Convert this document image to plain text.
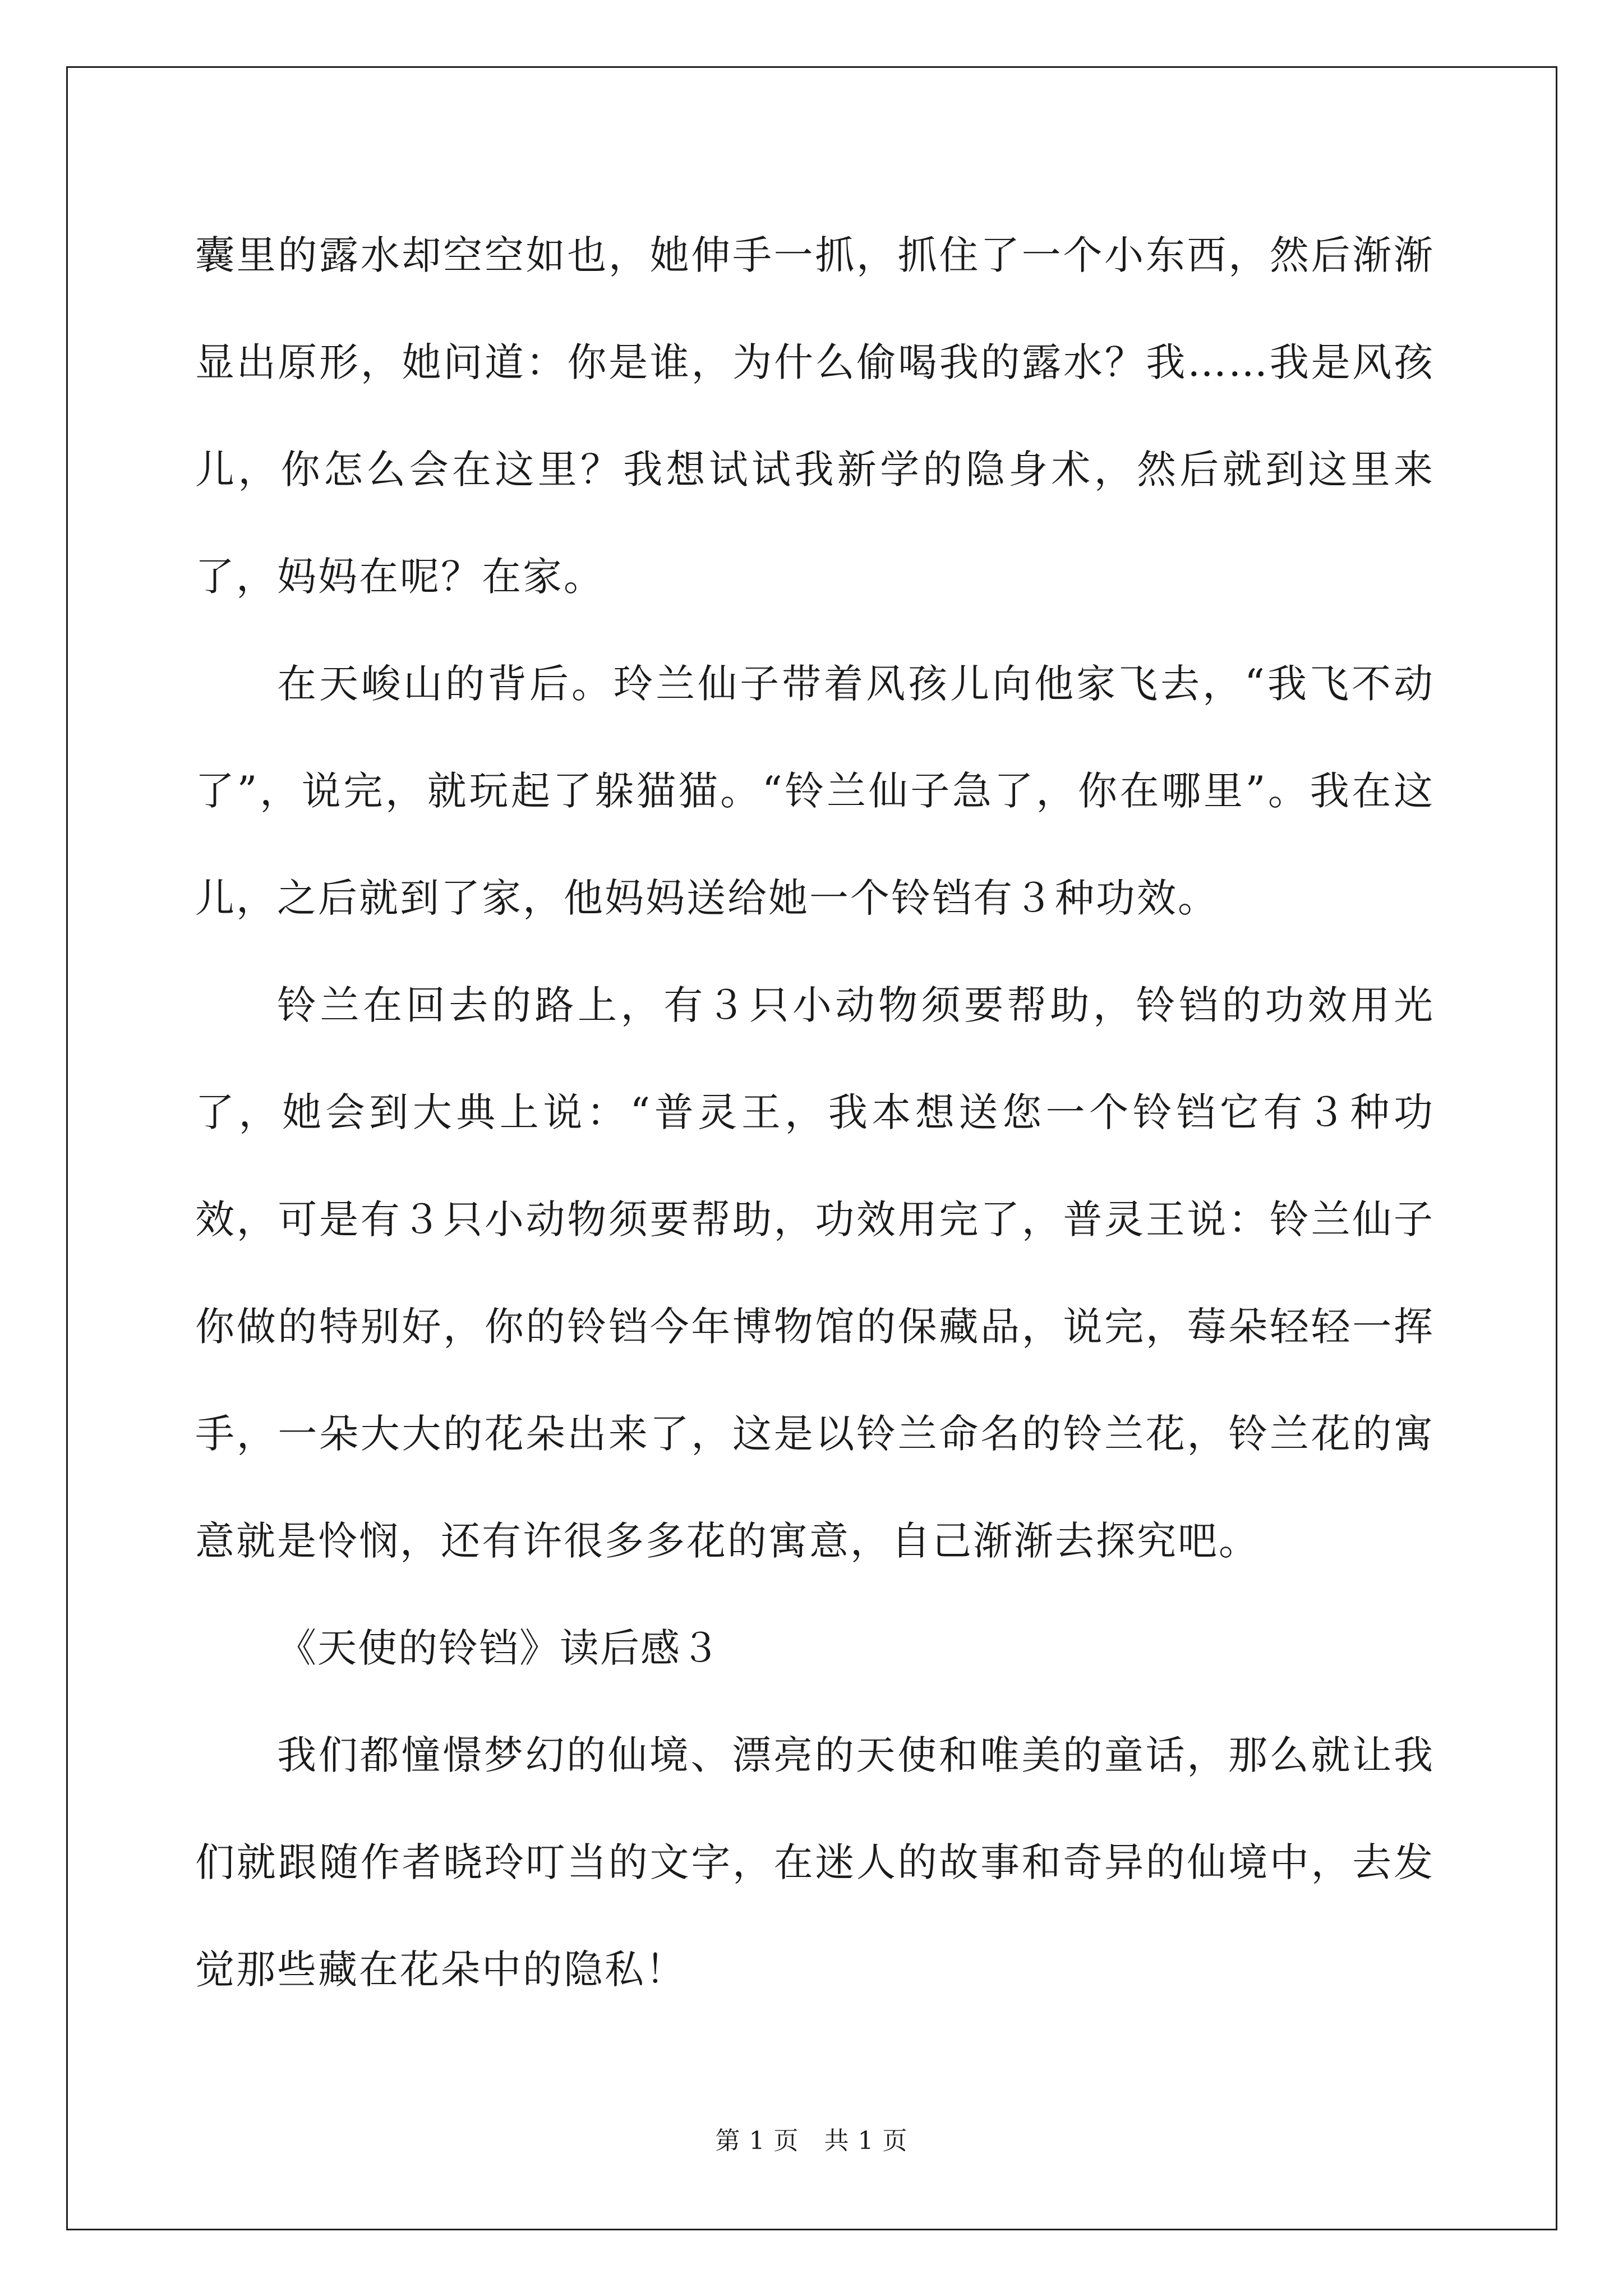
囊里的露水却空空如也，她伸手一抓，抓住了一个小东西，然后渐渐显出原形，她问道：你是谁，为什么偷喝我的露水？我……我是风孩儿，你怎么会在这里？我想试试我新学的隐身术，然后就到这里来了，妈妈在呢？在家。

在天峻山的背后。玲兰仙子带着风孩儿向他家飞去，“我飞不动了”，说完，就玩起了躲猫猫。“铃兰仙子急了，你在哪里”。我在这儿，之后就到了家，他妈妈送给她一个铃铛有３种功效。

铃兰在回去的路上，有３只小动物须要帮助，铃铛的功效用光了，她会到大典上说：“普灵王，我本想送您一个铃铛它有３种功效，可是有３只小动物须要帮助，功效用完了，普灵王说：铃兰仙子你做的特别好，你的铃铛今年博物馆的保藏品，说完，莓朵轻轻一挥手，一朵大大的花朵出来了，这是以铃兰命名的铃兰花，铃兰花的寓意就是怜悯，还有许很多多花的寓意，自己渐渐去探究吧。

《天使的铃铛》读后感３

我们都憧憬梦幻的仙境、漂亮的天使和唯美的童话，那么就让我们就跟随作者晓玲叮当的文字，在迷人的故事和奇异的仙境中，去发觉那些藏在花朵中的隐私！

第 1 页　共 1 页
